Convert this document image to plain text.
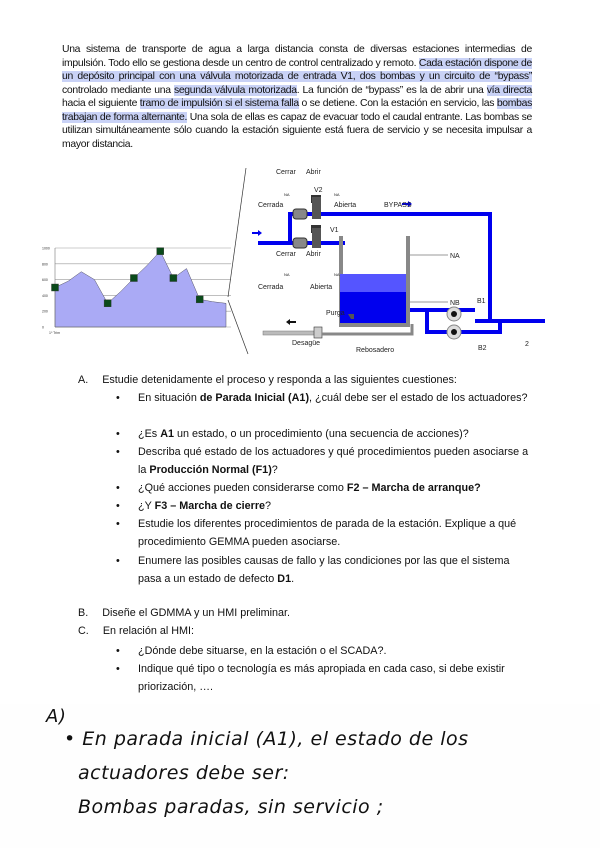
Una sistema de transporte de agua a larga distancia consta de diversas estaciones intermedias de impulsión. Todo ello se gestiona desde un centro de control centralizado y remoto. Cada estación dispone de un depósito principal con una válvula motorizada de entrada V1, dos bombas y un circuito de “bypass” controlado mediante una segunda válvula motorizada. La función de “bypass” es la de abrir una vía directa hacia el siguiente tramo de impulsión si el sistema falla o se detiene. Con la estación en servicio, las bombas trabajan de forma alternante. Una sola de ellas es capaz de evacuar todo el caudal entrante. Las bombas se utilizan simultáneamente sólo cuando la estación siguiente está fuera de servicio y se necesita impulsar a mayor distancia.
1000
800
600
400
200
0
1º Trim
Cerrar Abrir
V2
Cerrada	Abierta	BYPASS
V1
Cerrar Abrir
Cerrada	Abierta
NA
NB B1
B2
Purga
Desagüe
Rebosadero
2
NA	NA
NA	NA
A. Estudie detenidamente el proceso y responda a las siguientes cuestiones:
• En situación de Parada Inicial (A1), ¿cuál debe ser el estado de los actuadores?
• ¿Es A1 un estado, o un procedimiento (una secuencia de acciones)?
• Describa qué estado de los actuadores y qué procedimientos pueden asociarse a la Producción Normal (F1)?
• ¿Qué acciones pueden considerarse como F2 – Marcha de arranque?
• ¿Y F3 – Marcha de cierre?
• Estudie los diferentes procedimientos de parada de la estación. Explique a qué procedimiento GEMMA pueden asociarse.
• Enumere las posibles causas de fallo y las condiciones por las que el sistema pasa a un estado de defecto D1.
B. Diseñe el GDMMA y un HMI preliminar.
C. En relación al HMI:
• ¿Dónde debe situarse, en la estación o el SCADA?.
• Indique qué tipo o tecnología es más apropiada en cada caso, si debe existir priorización, ….
A)
• En parada inicial (A1), el estado de los
actuadores debe ser:
Bombas paradas, sin servicio ;
